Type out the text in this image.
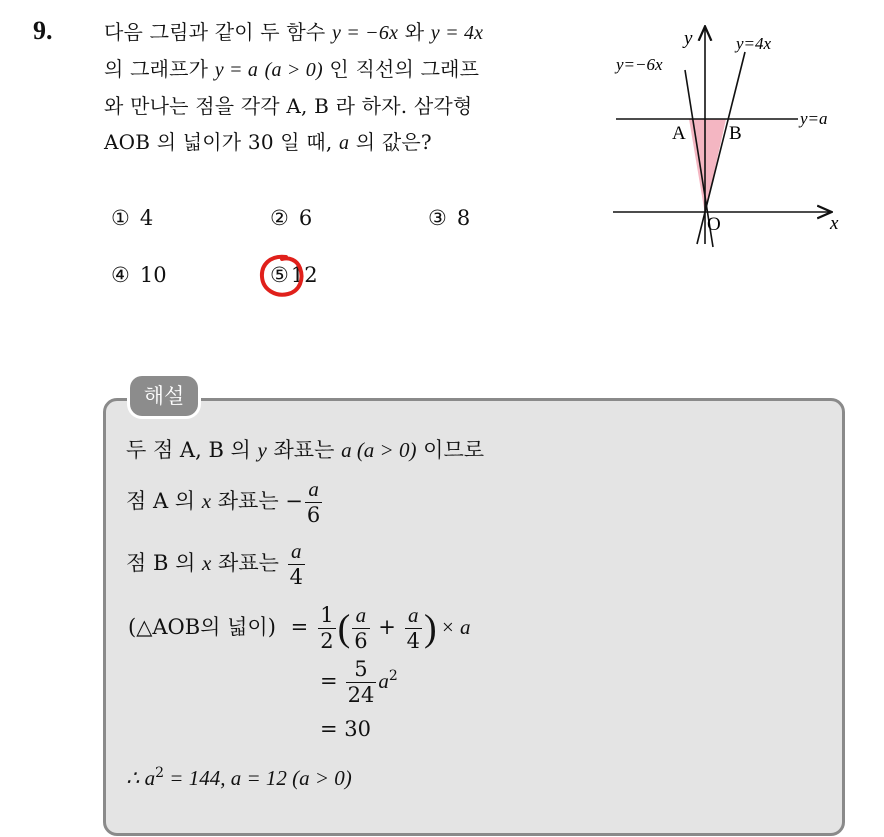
9.	다음 그림과 같이 두 함수 y = −6x 와 y = 4x
의 그래프가 y = a (a > 0) 인 직선의 그래프
와 만나는 점을 각각 A, B 라 하자. 삼각형
AOB 의 넓이가 30 일 때, a 의 값은?
① 4	② 6	③ 8
④ 10	⑤12
y
x
y=−6x
y=4x
y=a
A B
O
해설
두 점 A, B 의 y 좌표는 a (a > 0) 이므로
점 A 의 x 좌표는 − $\frac{a}{6}$
점 B 의 x 좌표는 $\frac{a}{4}$
(△AOB의 넓이) = $\frac{1}{2}$ ( $\frac{a}{6} + \frac{a}{4}$ ) × a
= $\frac{5}{24} a^2$
= 30
∴ $a^2 = 144$, a = 12 (a > 0)
